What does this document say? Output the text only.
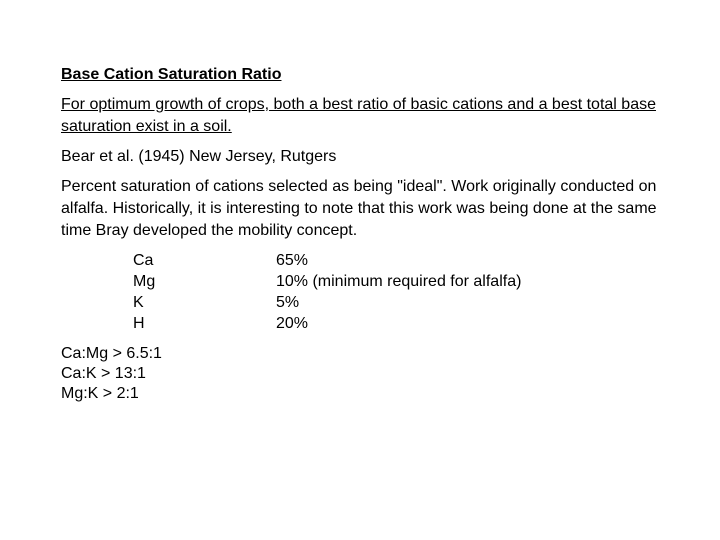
Base Cation Saturation Ratio
For optimum growth of crops, both a best ratio of basic cations and a best total base saturation exist in a soil.
Bear et al. (1945) New Jersey, Rutgers
Percent saturation of cations selected as being "ideal". Work originally conducted on alfalfa. Historically, it is interesting to note that this work was being done at the same time Bray developed the mobility concept.
Ca
Mg
K
H
65%
10% (minimum required for alfalfa)
5%
20%
Ca:Mg > 6.5:1
Ca:K > 13:1
Mg:K > 2:1
